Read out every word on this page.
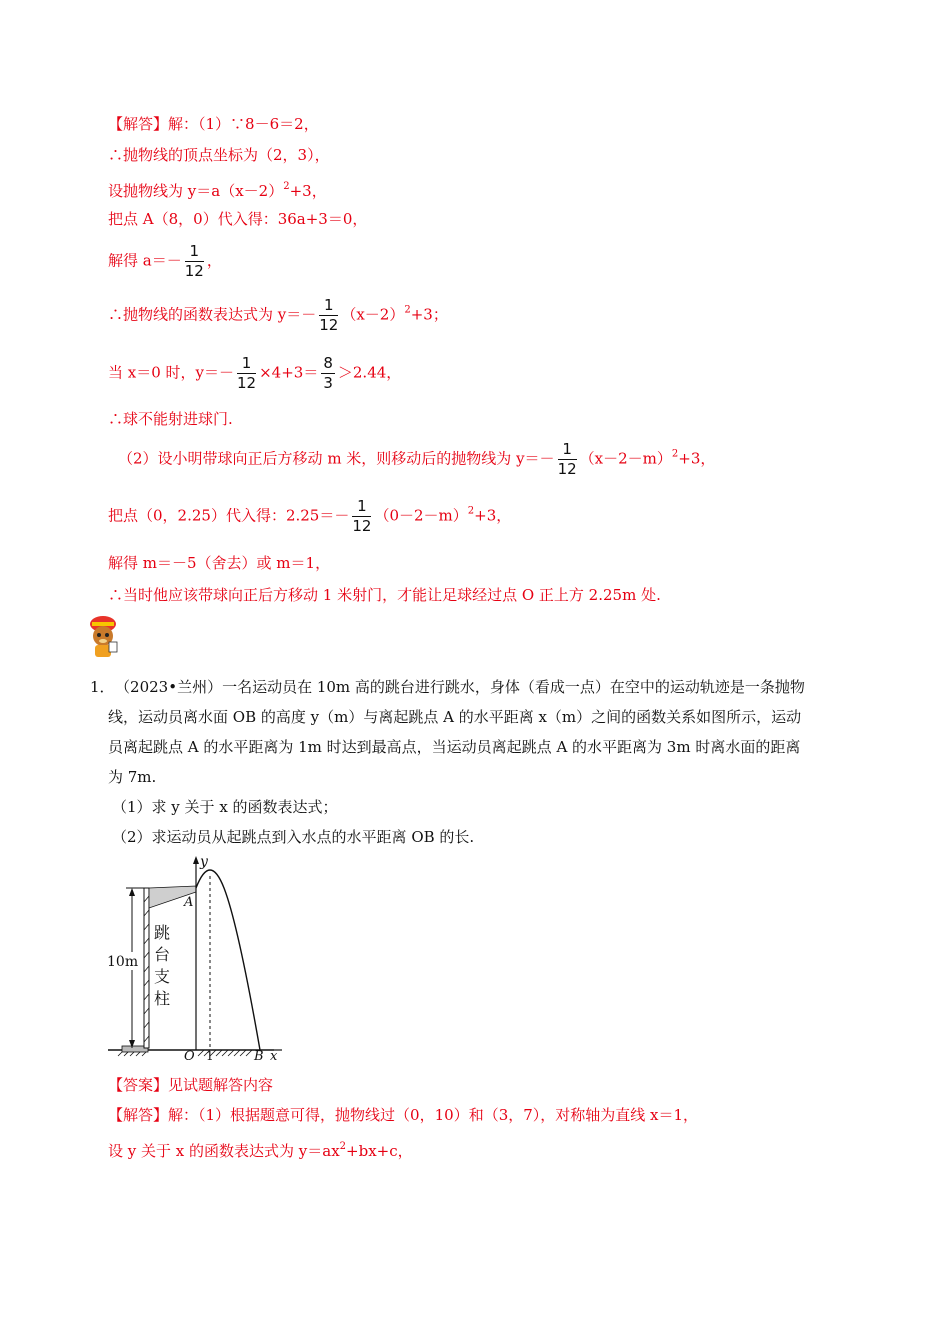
【解答】解：（1）∵8－6＝2，
∴抛物线的顶点坐标为（2，3），
设抛物线为 $y=a(x-2)^2+3$，
把点 A（8，0）代入得：36a+3＝0，
解得 $a=- \frac{1}{12}$ ，
∴抛物线的函数表达式为 $y=- \frac{1}{12} (x-2)^2+3$；
当 x＝0 时，$y=- \frac{1}{12} \times 4+3= \frac{8}{3} >2.44$，
∴球不能射进球门.
（2）设小明带球向正后方移动 m 米，则移动后的抛物线为 $y=- \frac{1}{12} (x-2-m)^2+3$，
把点（0，2.25）代入得：$2.25=- \frac{1}{12} (0-2-m)^2+3$，
解得 m＝－5（舍去）或 m＝1，
∴当时他应该带球向正后方移动 1 米射门，才能让足球经过点 O 正上方 2.25m 处.
1． （2023•兰州）一名运动员在 10m 高的跳台进行跳水，身体（看成一点）在空中的运动轨迹是一条抛物
线，运动员离水面 OB 的高度 y（m）与离起跳点 A 的水平距离 x（m）之间的函数关系如图所示，运动
员离起跳点 A 的水平距离为 1m 时达到最高点，当运动员离起跳点 A 的水平距离为 3m 时离水面的距离
为 7m.
（1）求 y 关于 x 的函数表达式；
（2）求运动员从起跳点到入水点的水平距离 OB 的长.
10m
跳
台
支
柱
y
A
O 1	B x
【答案】见试题解答内容
【解答】解：（1）根据题意可得，抛物线过（0，10）和（3，7），对称轴为直线 x＝1，
设 y 关于 x 的函数表达式为 $y=ax^2+bx+c$，
